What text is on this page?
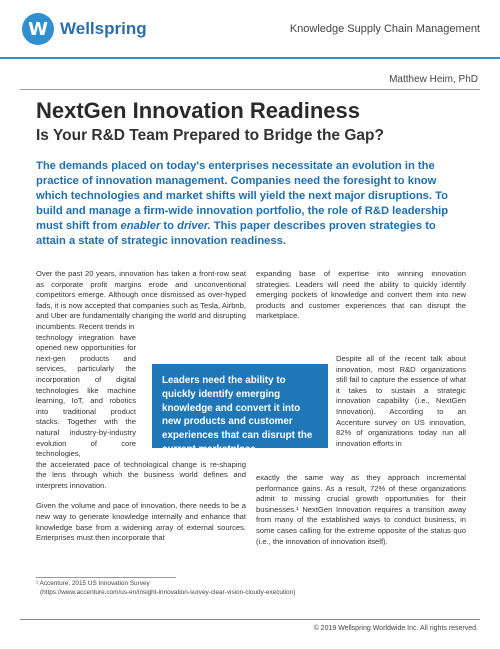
W Wellspring	Knowledge Supply Chain Management
Matthew Heim, PhD
NextGen Innovation Readiness
Is Your R&D Team Prepared to Bridge the Gap?
The demands placed on today's enterprises necessitate an evolution in the practice of innovation management. Companies need the foresight to know which technologies and market shifts will yield the next major disruptions. To build and manage a firm-wide innovation portfolio, the role of R&D leadership must shift from enabler to driver. This paper describes proven strategies to attain a state of strategic innovation readiness.

Over the past 20 years, innovation has taken a front-row seat as corporate profit margins erode and unconventional competitors emerge. Although once dismissed as over-hyped fads, it is now accepted that companies such as Tesla, Airbnb, and Uber are fundamentally changing the world and disrupting incumbents. Recent trends in

technology integration have opened new opportunities for next-gen products and services, particularly the incorporation of digital technologies like machine learning, IoT, and robotics into traditional product stacks. Together with the natural industry-by-industry evolution of core technologies,

the accelerated pace of technological change is re-shaping the lens through which the business world defines and interprets innovation.

Given the volume and pace of innovation, there needs to be a new way to generate knowledge internally and enhance that knowledge base from a widening array of external sources. Enterprises must then incorporate that

expanding base of expertise into winning innovation strategies. Leaders will need the ability to quickly identify emerging pockets of knowledge and convert them into new products and customer experiences that can disrupt the marketplace.

Despite all of the recent talk about innovation, most R&D organizations still fail to capture the essence of what it takes to sustain a strategic innovation capability (i.e., NextGen Innovation). According to an Accenture survey on US innovation, 82% of organizations today run all innovation efforts in

exactly the same way as they approach incremental performance gains. As a result, 72% of these organizations admit to missing crucial growth opportunities for their businesses.¹ NextGen Innovation requires a transition away from many of the established ways to conduct business, in some cases calling for the extreme opposite of the status quo (i.e., the innovation of innovation itself).

Leaders need the ability to quickly identify emerging knowledge and convert it into new products and customer experiences that can disrupt the current marketplace.
¹ Accenture, 2015 US Innovation Survey
(https://www.accenture.com/us-en/insight-innovation-survey-clear-vision-cloudy-execution)
© 2019 Wellspring Worldwide Inc. All rights reserved.
